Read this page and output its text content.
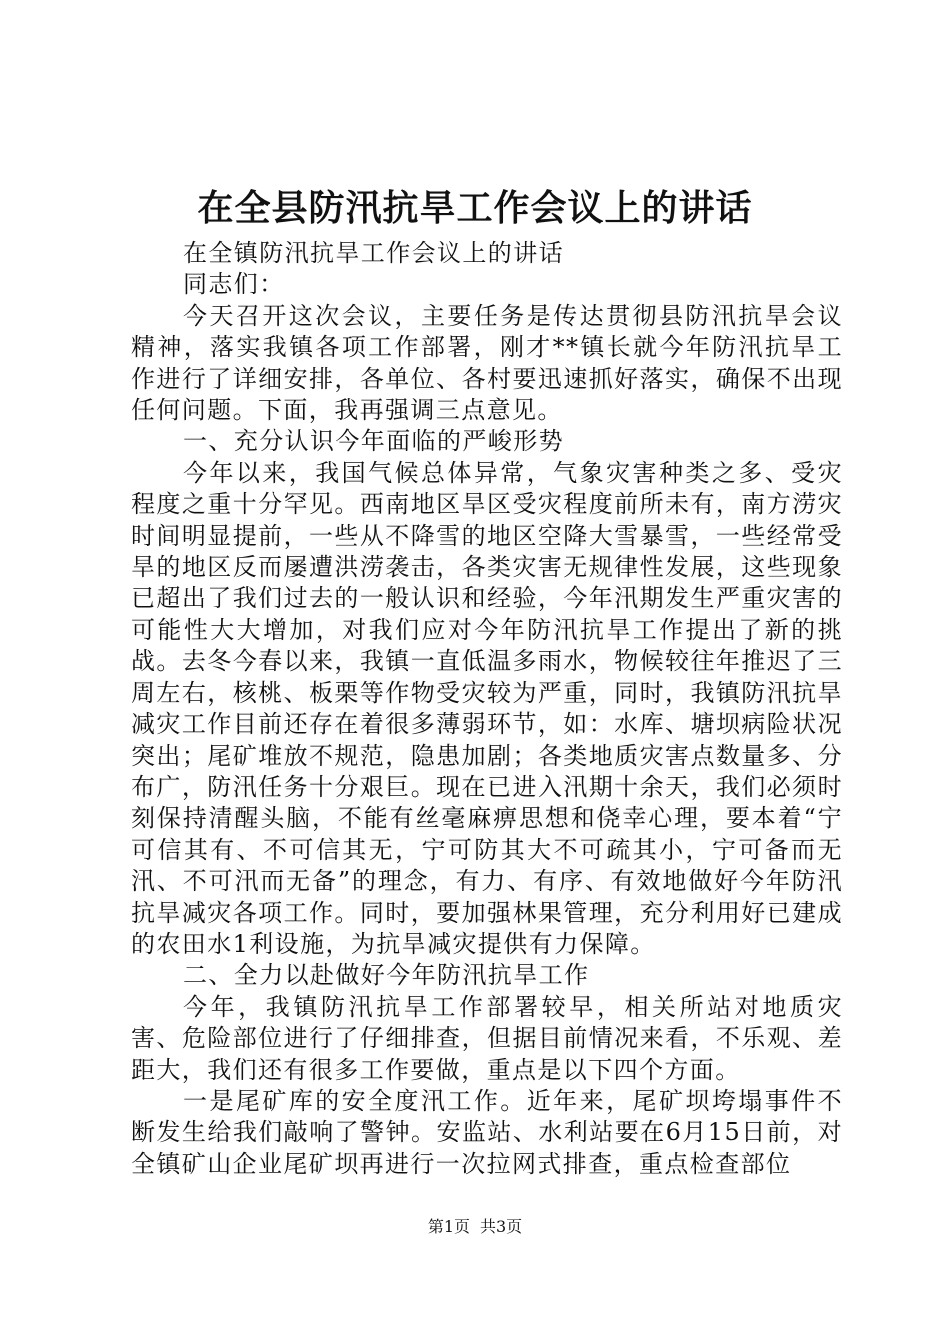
在全县防汛抗旱工作会议上的讲话

在全镇防汛抗旱工作会议上的讲话

同志们：

今天召开这次会议，主要任务是传达贯彻县防汛抗旱会议精神，落实我镇各项工作部署，刚才**镇长就今年防汛抗旱工作进行了详细安排，各单位、各村要迅速抓好落实，确保不出现任何问题。下面，我再强调三点意见。

一、充分认识今年面临的严峻形势

今年以来，我国气候总体异常，气象灾害种类之多、受灾程度之重十分罕见。西南地区旱区受灾程度前所未有，南方涝灾时间明显提前，一些从不降雪的地区空降大雪暴雪，一些经常受旱的地区反而屡遭洪涝袭击，各类灾害无规律性发展，这些现象已超出了我们过去的一般认识和经验，今年汛期发生严重灾害的可能性大大增加，对我们应对今年防汛抗旱工作提出了新的挑战。去冬今春以来，我镇一直低温多雨水，物候较往年推迟了三周左右，核桃、板栗等作物受灾较为严重，同时，我镇防汛抗旱减灾工作目前还存在着很多薄弱环节，如：水库、塘坝病险状况突出；尾矿堆放不规范，隐患加剧；各类地质灾害点数量多、分布广，防汛任务十分艰巨。现在已进入汛期十余天，我们必须时刻保持清醒头脑，不能有丝毫麻痹思想和侥幸心理，要本着“宁可信其有、不可信其无，宁可防其大不可疏其小，宁可备而无汛、不可汛而无备”的理念，有力、有序、有效地做好今年防汛抗旱减灾各项工作。同时，要加强林果管理，充分利用好已建成的农田水1利设施，为抗旱减灾提供有力保障。

二、全力以赴做好今年防汛抗旱工作

今年，我镇防汛抗旱工作部署较早，相关所站对地质灾害、危险部位进行了仔细排查，但据目前情况来看，不乐观、差距大，我们还有很多工作要做，重点是以下四个方面。

一是尾矿库的安全度汛工作。近年来，尾矿坝垮塌事件不断发生给我们敲响了警钟。安监站、水利站要在6月15日前，对全镇矿山企业尾矿坝再进行一次拉网式排查，重点检查部位

第1页 共3页
